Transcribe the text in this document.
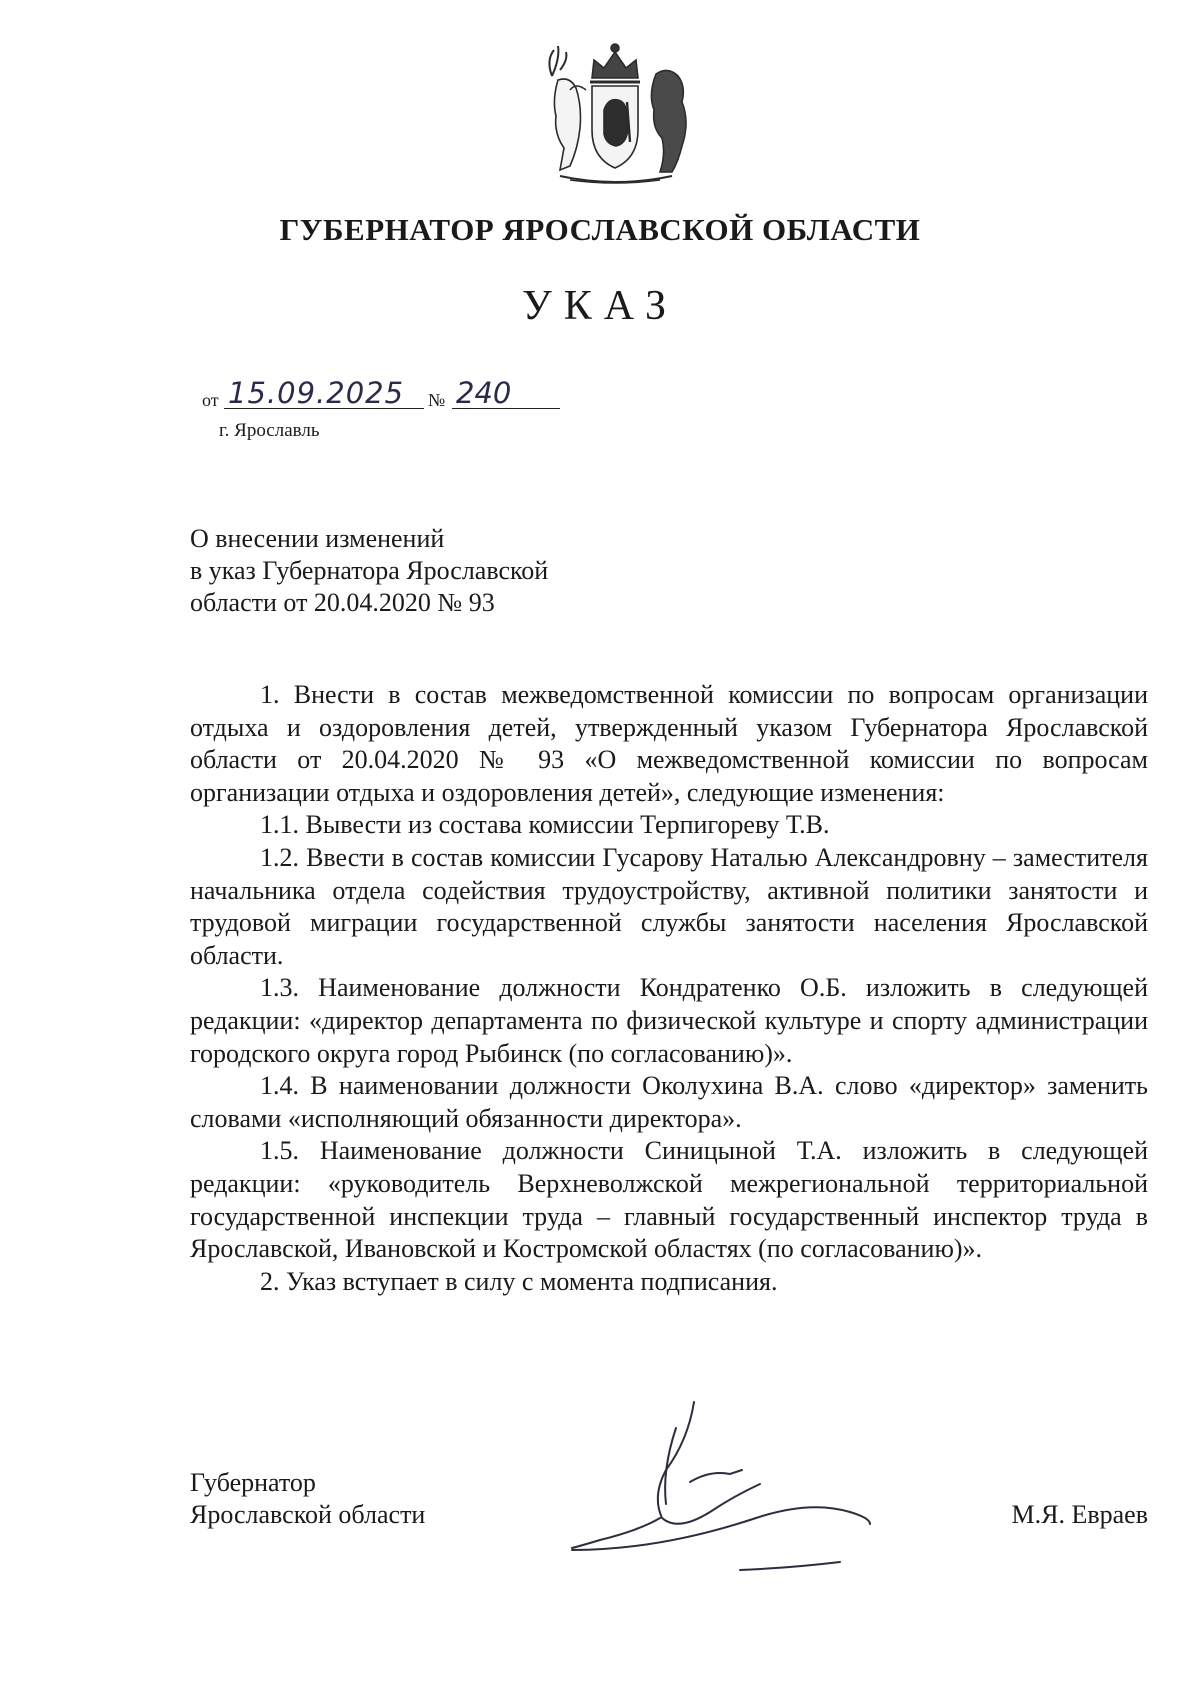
ГУБЕРНАТОР ЯРОСЛАВСКОЙ ОБЛАСТИ
УКАЗ
от 15.09.2025	№ 240
г. Ярославль
О внесении изменений
в указ Губернатора Ярославской
области от 20.04.2020 № 93

1. Внести в состав межведомственной комиссии по вопросам организации отдыха и оздоровления детей, утвержденный указом Губернатора Ярославской области от 20.04.2020 № 93 «О межведомственной комиссии по вопросам организации отдыха и оздоровления детей», следующие изменения:

1.1. Вывести из состава комиссии Терпигореву Т.В.

1.2. Ввести в состав комиссии Гусарову Наталью Александровну – заместителя начальника отдела содействия трудоустройству, активной политики занятости и трудовой миграции государственной службы занятости населения Ярославской области.

1.3. Наименование должности Кондратенко О.Б. изложить в следующей редакции: «директор департамента по физической культуре и спорту администрации городского округа город Рыбинск (по согласованию)».

1.4. В наименовании должности Околухина В.А. слово «директор» заменить словами «исполняющий обязанности директора».

1.5. Наименование должности Синицыной Т.А. изложить в следующей редакции: «руководитель Верхневолжской межрегиональной территориальной государственной инспекции труда – главный государственный инспектор труда в Ярославской, Ивановской и Костромской областях (по согласованию)».

2. Указ вступает в силу с момента подписания.

Губернатор
Ярославской области	М.Я. Евраев
